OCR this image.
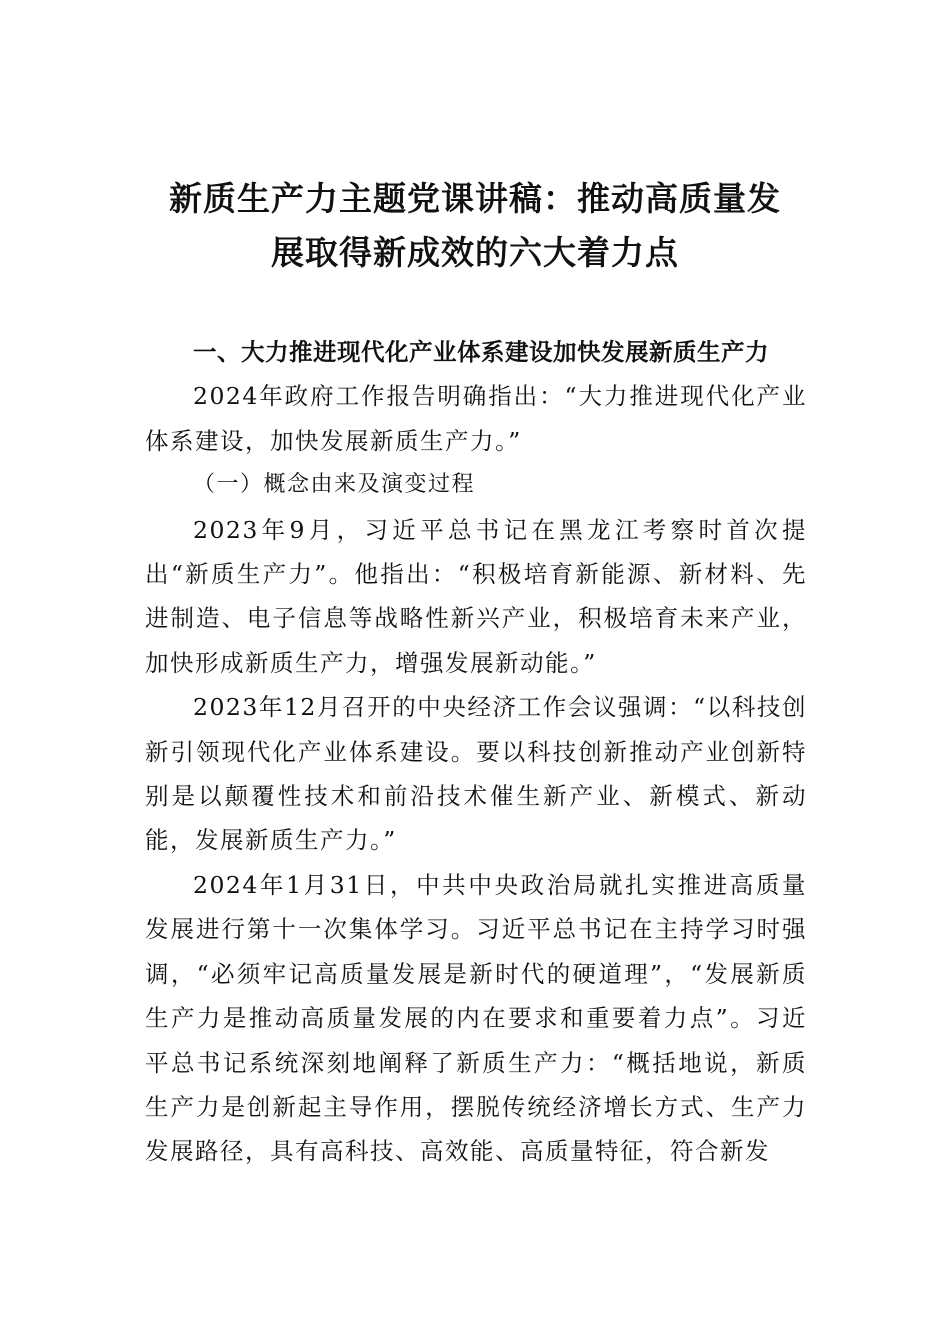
新质生产力主题党课讲稿：推动高质量发
展取得新成效的六大着力点

一、大力推进现代化产业体系建设加快发展新质生产力

2024年政府工作报告明确指出：“大力推进现代化产业体系建设，加快发展新质生产力。”

（一）概念由来及演变过程

2023年9月，习近平总书记在黑龙江考察时首次提出“新质生产力”。他指出：“积极培育新能源、新材料、先进制造、电子信息等战略性新兴产业，积极培育未来产业，加快形成新质生产力，增强发展新动能。”

2023年12月召开的中央经济工作会议强调：“以科技创新引领现代化产业体系建设。要以科技创新推动产业创新特别是以颠覆性技术和前沿技术催生新产业、新模式、新动能，发展新质生产力。”

2024年1月31日，中共中央政治局就扎实推进高质量发展进行第十一次集体学习。习近平总书记在主持学习时强调，“必须牢记高质量发展是新时代的硬道理”，“发展新质生产力是推动高质量发展的内在要求和重要着力点”。习近平总书记系统深刻地阐释了新质生产力：“概括地说，新质生产力是创新起主导作用，摆脱传统经济增长方式、生产力发展路径，具有高科技、高效能、高质量特征，符合新发
